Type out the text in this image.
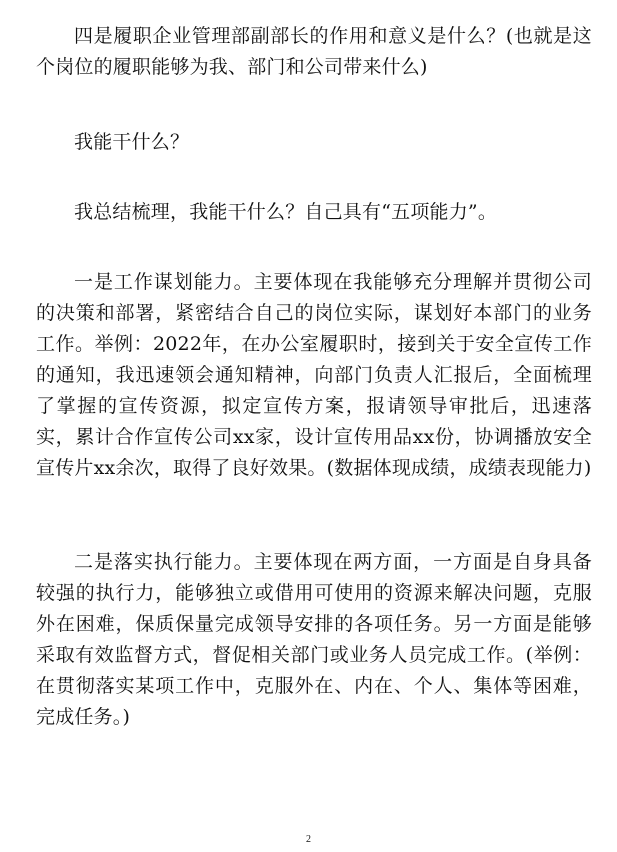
四是履职企业管理部副部长的作用和意义是什么？(也就是这个岗位的履职能够为我、部门和公司带来什么)

我能干什么？

我总结梳理，我能干什么？自己具有“五项能力”。

一是工作谋划能力。主要体现在我能够充分理解并贯彻公司的决策和部署，紧密结合自己的岗位实际，谋划好本部门的业务工作。举例：2022年，在办公室履职时，接到关于安全宣传工作的通知，我迅速领会通知精神，向部门负责人汇报后，全面梳理了掌握的宣传资源，拟定宣传方案，报请领导审批后，迅速落实，累计合作宣传公司xx家，设计宣传用品xx份，协调播放安全宣传片xx余次，取得了良好效果。(数据体现成绩，成绩表现能力)

二是落实执行能力。主要体现在两方面，一方面是自身具备较强的执行力，能够独立或借用可使用的资源来解决问题，克服外在困难，保质保量完成领导安排的各项任务。另一方面是能够采取有效监督方式，督促相关部门或业务人员完成工作。(举例：在贯彻落实某项工作中，克服外在、内在、个人、集体等困难，完成任务。)

2
